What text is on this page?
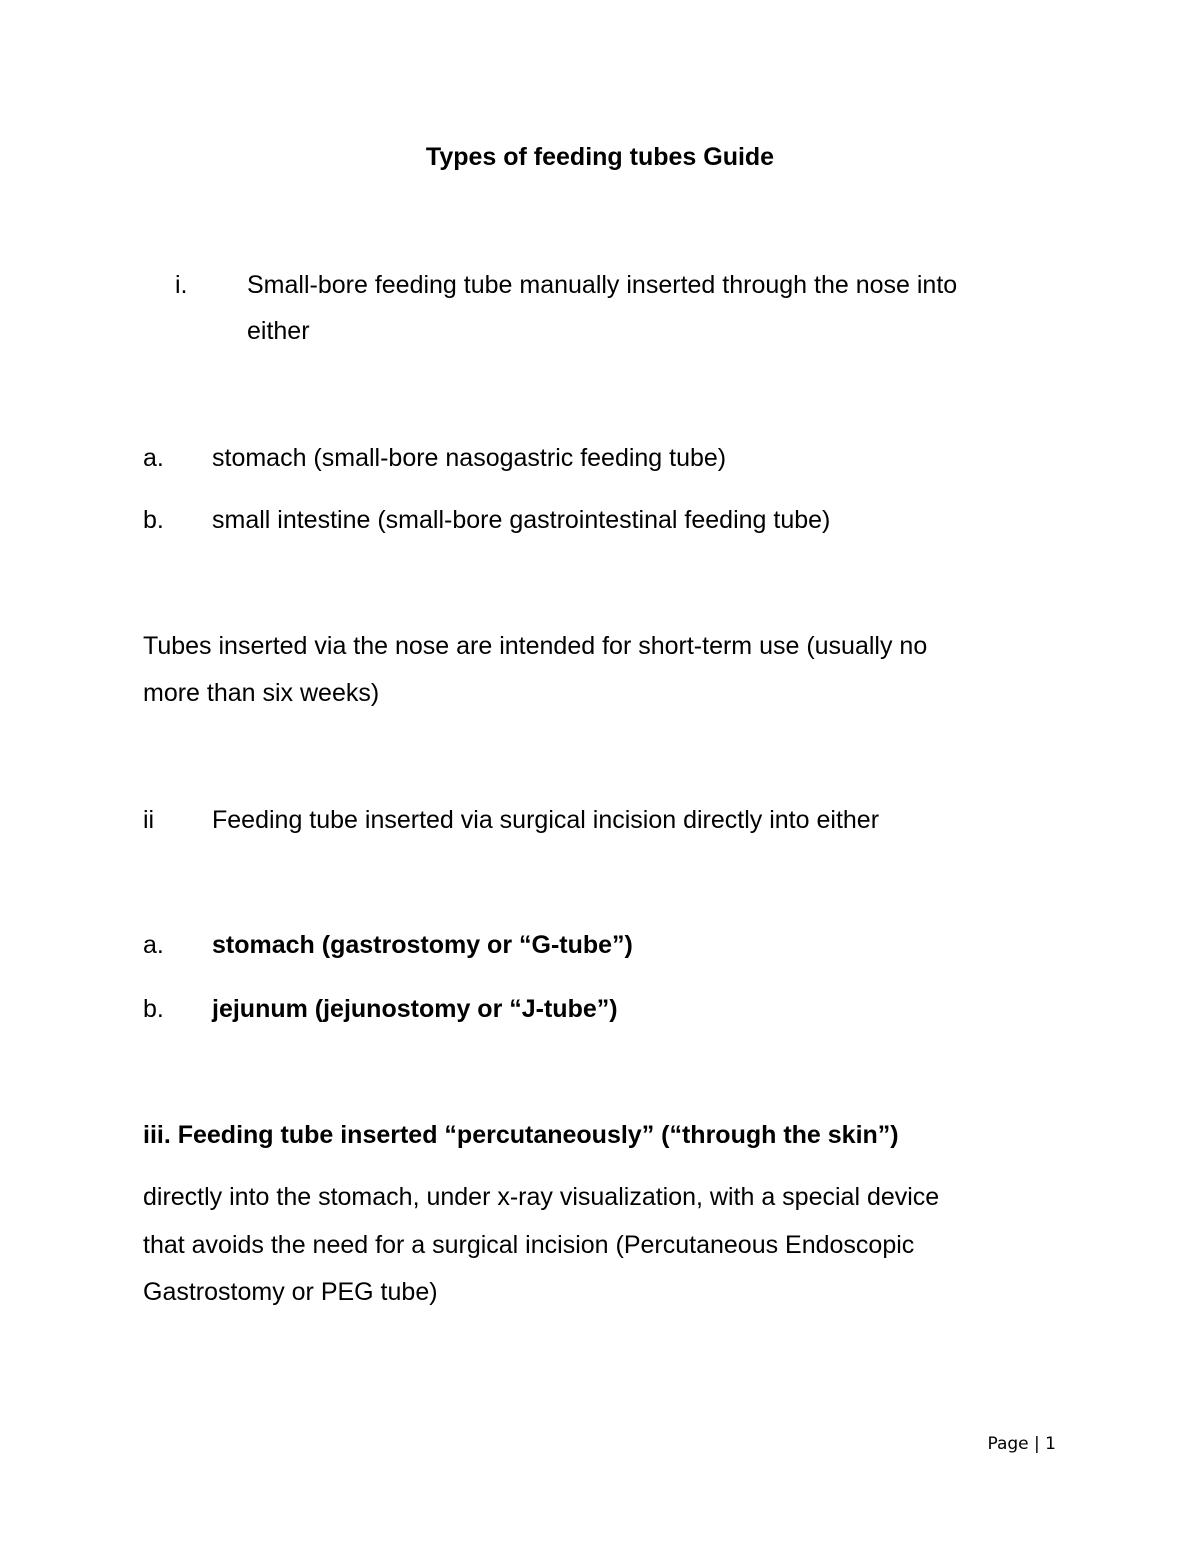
Types of feeding tubes Guide
i. Small-bore feeding tube manually inserted through the nose into
either
a. stomach (small-bore nasogastric feeding tube)
b. small intestine (small-bore gastrointestinal feeding tube)
Tubes inserted via the nose are intended for short-term use (usually no
more than six weeks)
ii Feeding tube inserted via surgical incision directly into either
a. stomach (gastrostomy or “G-tube”)
b. jejunum (jejunostomy or “J-tube”)
iii. Feeding tube inserted “percutaneously” (“through the skin”)
directly into the stomach, under x-ray visualization, with a special device
that avoids the need for a surgical incision (Percutaneous Endoscopic
Gastrostomy or PEG tube)
Page | 1
